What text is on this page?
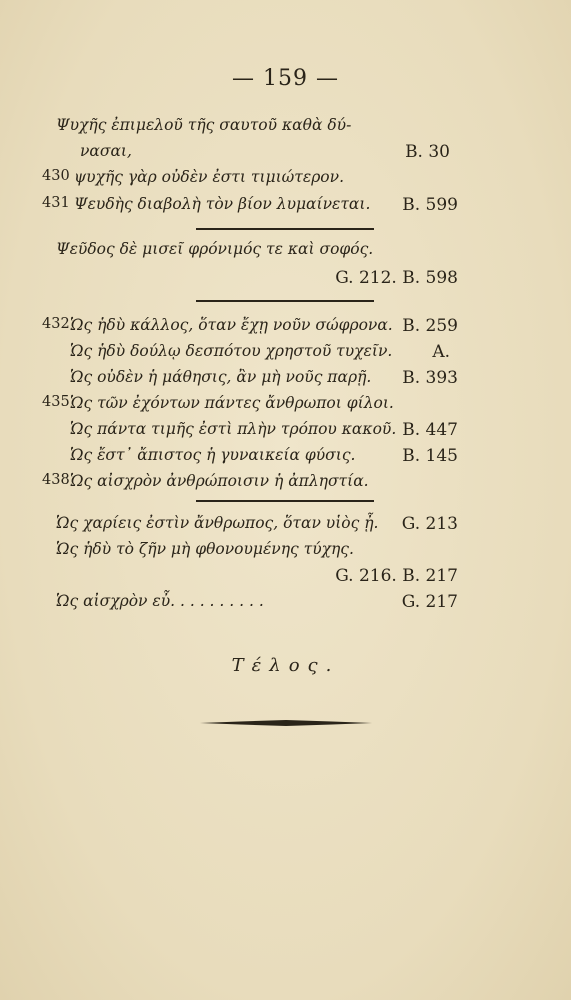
— 159 —
Ψυχῆς ἐπιμελοῦ τῆς σαυτοῦ καθὰ δύ-
νασαι,	B. 30
430 ψυχῆς γὰρ οὐδὲν ἐστι τιμιώτερον.
431 Ψευδὴς διαβολὴ τὸν βίον λυμαίνεται. B. 599
Ψεῦδος δὲ μισεῖ φρόνιμός τε καὶ σοφός.
G. 212. B. 598
432 Ὡς ἡδὺ κάλλος, ὅταν ἔχῃ νοῦν σώφρονα. B. 259
Ὡς ἡδὺ δούλῳ δεσπότου χρηστοῦ τυχεῖν. A.
Ὡς οὐδὲν ἡ μάθησις, ἂν μὴ νοῦς παρῇ. B. 393
435 Ὡς τῶν ἐχόντων πάντες ἄνθρωποι φίλοι.
Ὡς πάντα τιμῆς ἐστὶ πλὴν τρόπου κακοῦ. B. 447
Ὡς ἔστ᾽ ἄπιστος ἡ γυναικεία φύσις.	B. 145
438 Ὡς αἰσχρὸν ἀνθρώποισιν ἡ ἀπληστία.
Ὡς χαρίεις ἐστὶν ἄνθρωπος, ὅταν υἱὸς ᾖ. G. 213
Ὡς ἡδὺ τὸ ζῆν μὴ φθονουμένης τύχης.
G. 216. B. 217
Ὡς αἰσχρὸν εὖ. . . . . . . . . .	G. 217
Τέλος.
